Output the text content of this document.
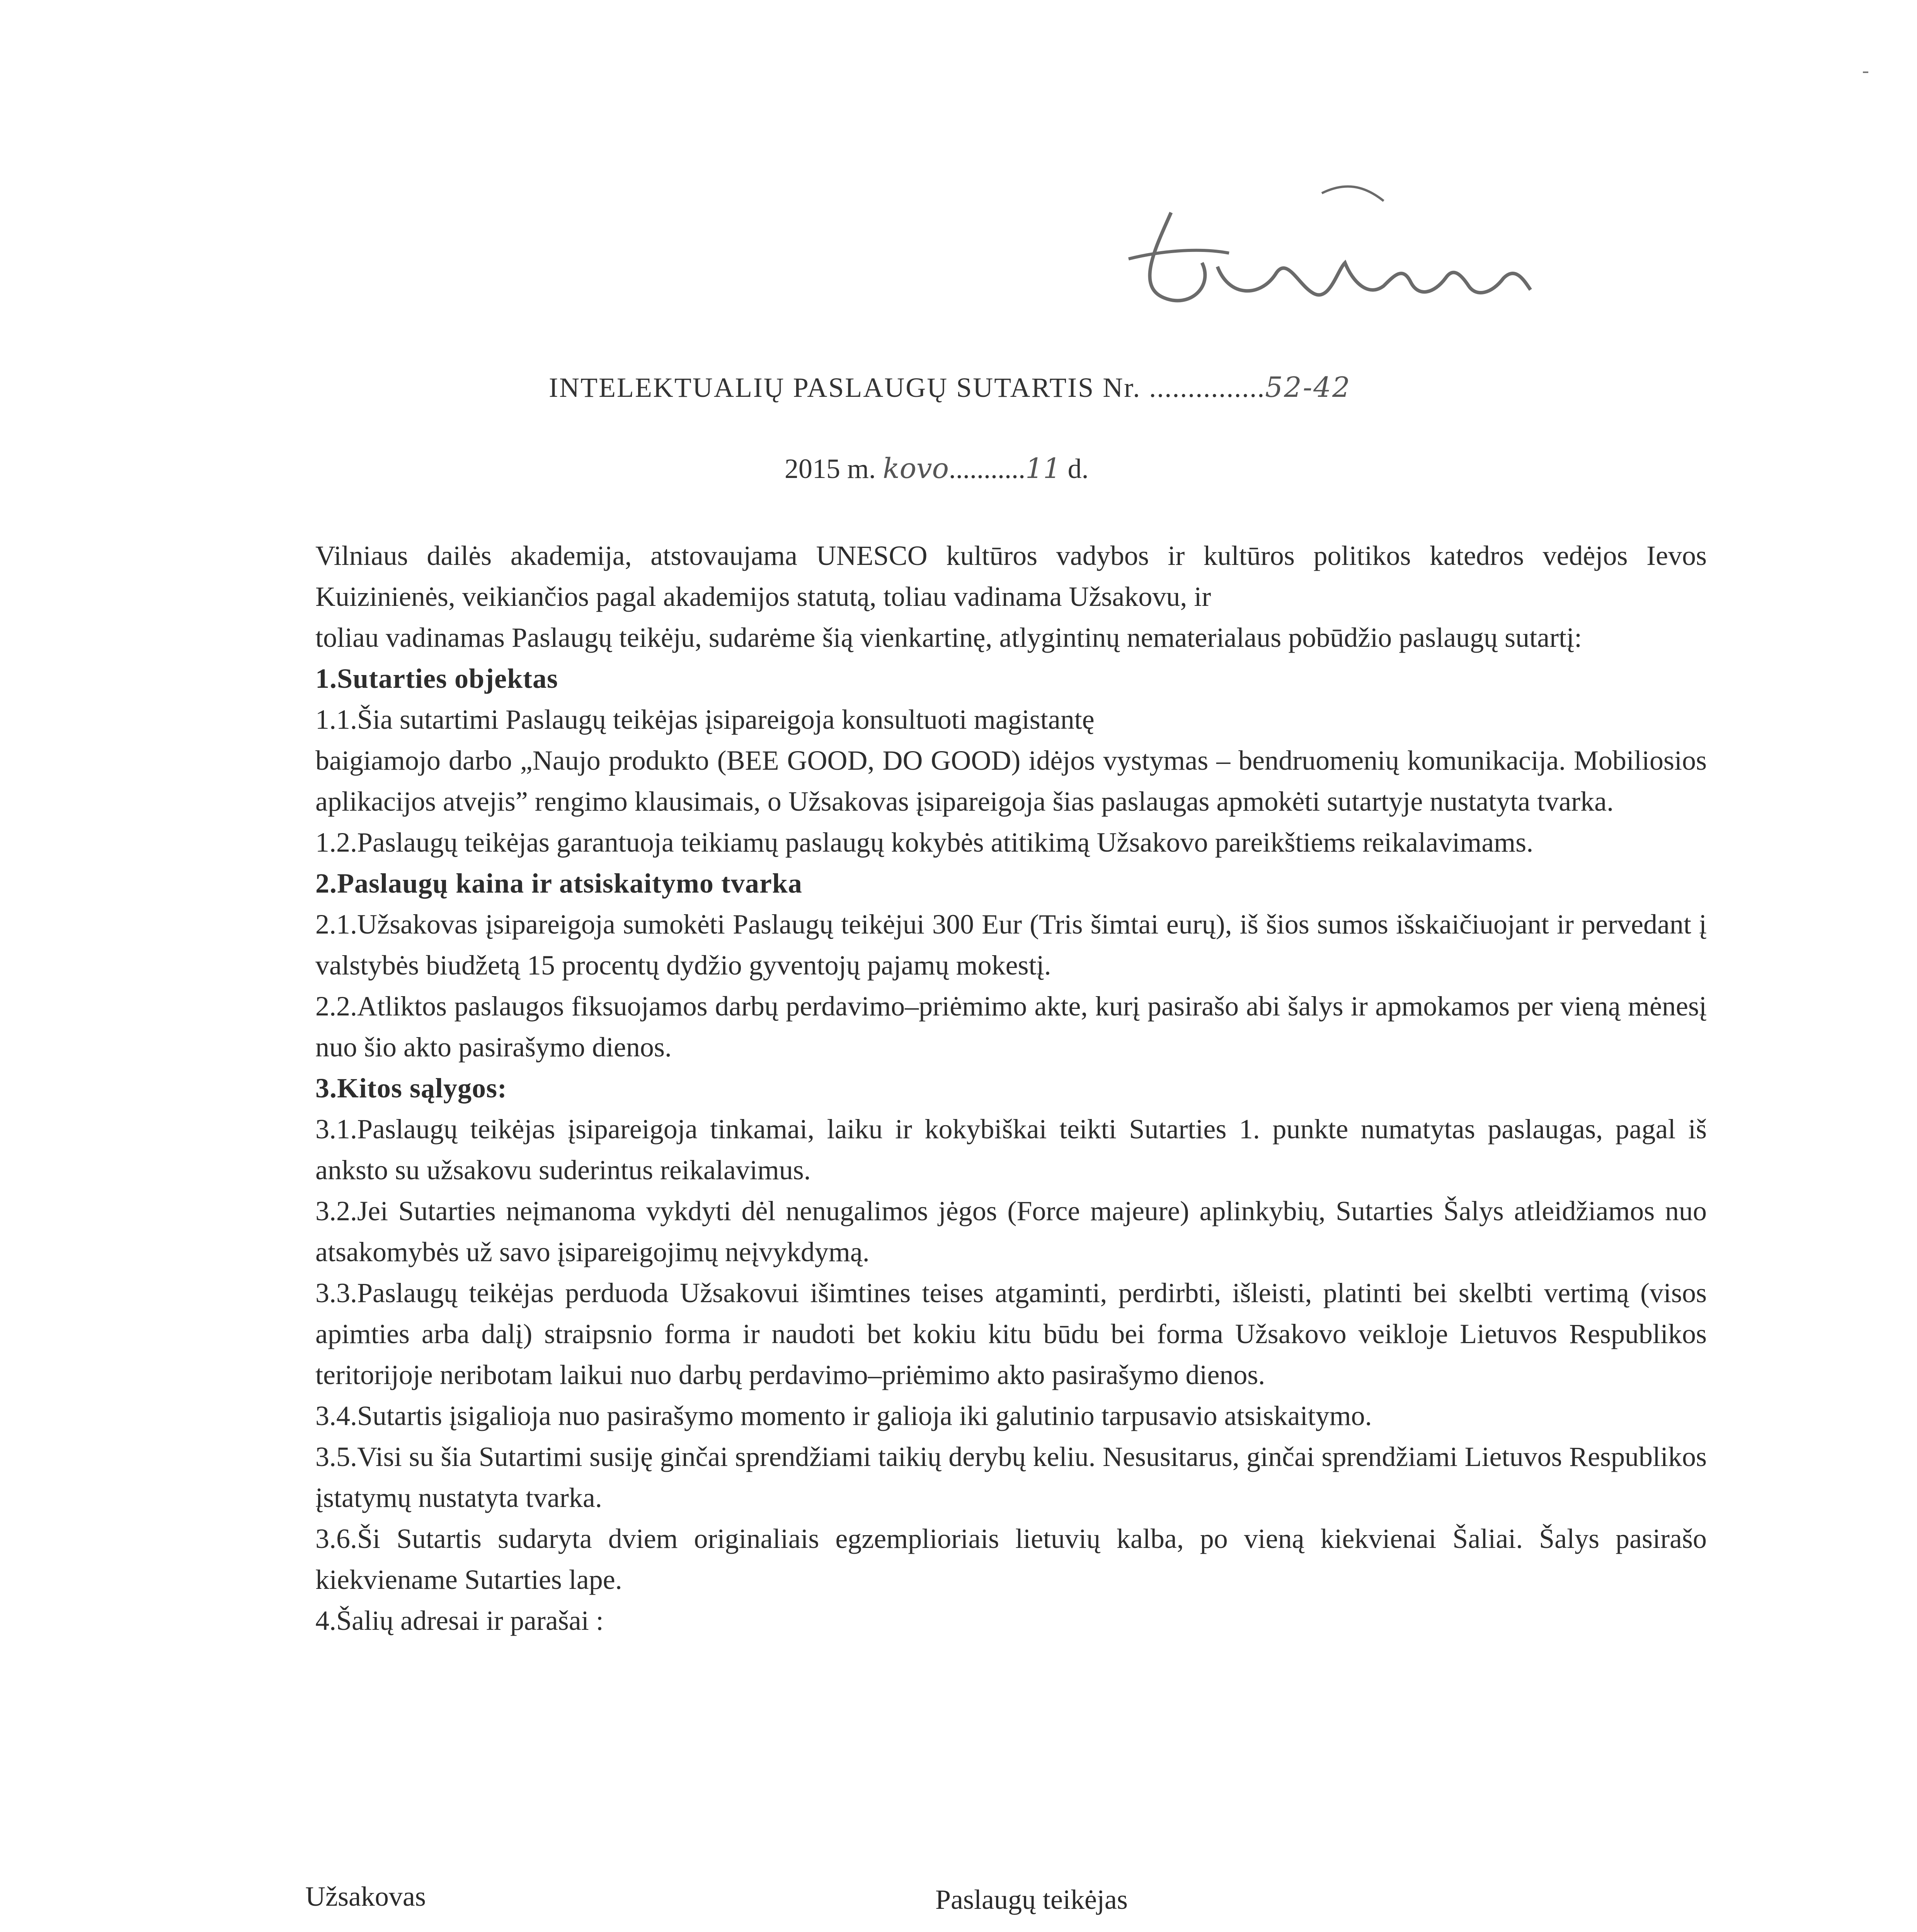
INTELEKTUALIŲ PASLAUGŲ SUTARTIS Nr. ...............52-42
2015 m. kovo...........11 d.

Vilniaus dailės akademija, atstovaujama UNESCO kultūros vadybos ir kultūros politikos katedros vedėjos Ievos Kuizinienės, veikiančios pagal akademijos statutą, toliau vadinama Užsakovu, ir

toliau vadinamas Paslaugų teikėju, sudarėme šią vienkartinę, atlygintinų nematerialaus pobūdžio paslaugų sutartį:

1.Sutarties objektas

1.1.Šia sutartimi Paslaugų teikėjas įsipareigoja konsultuoti magistantę

baigiamojo darbo „Naujo produkto (BEE GOOD, DO GOOD) idėjos vystymas – bendruomenių komunikacija. Mobiliosios aplikacijos atvejis” rengimo klausimais, o Užsakovas įsipareigoja šias paslaugas apmokėti sutartyje nustatyta tvarka.

1.2.Paslaugų teikėjas garantuoja teikiamų paslaugų kokybės atitikimą Užsakovo pareikštiems reikalavimams.

2.Paslaugų kaina ir atsiskaitymo tvarka

2.1.Užsakovas įsipareigoja sumokėti Paslaugų teikėjui 300 Eur (Tris šimtai eurų), iš šios sumos išskaičiuojant ir pervedant į valstybės biudžetą 15 procentų dydžio gyventojų pajamų mokestį.

2.2.Atliktos paslaugos fiksuojamos darbų perdavimo–priėmimo akte, kurį pasirašo abi šalys ir apmokamos per vieną mėnesį nuo šio akto pasirašymo dienos.

3.Kitos sąlygos:

3.1.Paslaugų teikėjas įsipareigoja tinkamai, laiku ir kokybiškai teikti Sutarties 1. punkte numatytas paslaugas, pagal iš anksto su užsakovu suderintus reikalavimus.

3.2.Jei Sutarties neįmanoma vykdyti dėl nenugalimos jėgos (Force majeure) aplinkybių, Sutarties Šalys atleidžiamos nuo atsakomybės už savo įsipareigojimų neįvykdymą.

3.3.Paslaugų teikėjas perduoda Užsakovui išimtines teises atgaminti, perdirbti, išleisti, platinti bei skelbti vertimą (visos apimties arba dalį) straipsnio forma ir naudoti bet kokiu kitu būdu bei forma Užsakovo veikloje Lietuvos Respublikos teritorijoje neribotam laikui nuo darbų perdavimo–priėmimo akto pasirašymo dienos.

3.4.Sutartis įsigalioja nuo pasirašymo momento ir galioja iki galutinio tarpusavio atsiskaitymo.

3.5.Visi su šia Sutartimi susiję ginčai sprendžiami taikių derybų keliu. Nesusitarus, ginčai sprendžiami Lietuvos Respublikos įstatymų nustatyta tvarka.

3.6.Ši Sutartis sudaryta dviem originaliais egzemplioriais lietuvių kalba, po vieną kiekvienai Šaliai. Šalys pasirašo kiekviename Sutarties lape.

4.Šalių adresai ir parašai :

Užsakovas	Paslaugų teikėjas
